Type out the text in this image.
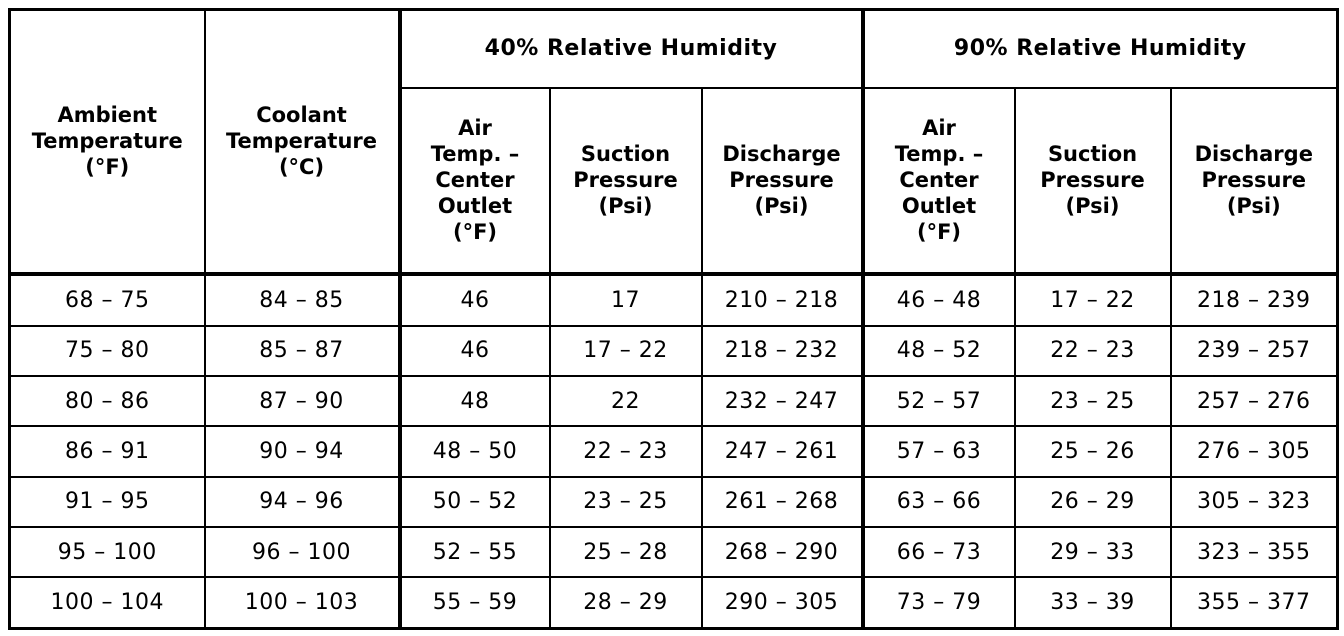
Ambient
Temperature
(°F)	Coolant
Temperature
(°C)	40% Relative Humidity			90% Relative Humidity		
		Air
Temp. –
Center
Outlet
(°F)	Suction
Pressure
(Psi)	Discharge
Pressure
(Psi)	Air
Temp. –
Center
Outlet
(°F)	Suction
Pressure
(Psi)	Discharge
Pressure
(Psi)
68 – 75	84 – 85	46	17	210 – 218	46 – 48	17 – 22	218 – 239
75 – 80	85 – 87	46	17 – 22	218 – 232	48 – 52	22 – 23	239 – 257
80 – 86	87 – 90	48	22	232 – 247	52 – 57	23 – 25	257 – 276
86 – 91	90 – 94	48 – 50	22 – 23	247 – 261	57 – 63	25 – 26	276 – 305
91 – 95	94 – 96	50 – 52	23 – 25	261 – 268	63 – 66	26 – 29	305 – 323
95 – 100	96 – 100	52 – 55	25 – 28	268 – 290	66 – 73	29 – 33	323 – 355
100 – 104	100 – 103	55 – 59	28 – 29	290 – 305	73 – 79	33 – 39	355 – 377
